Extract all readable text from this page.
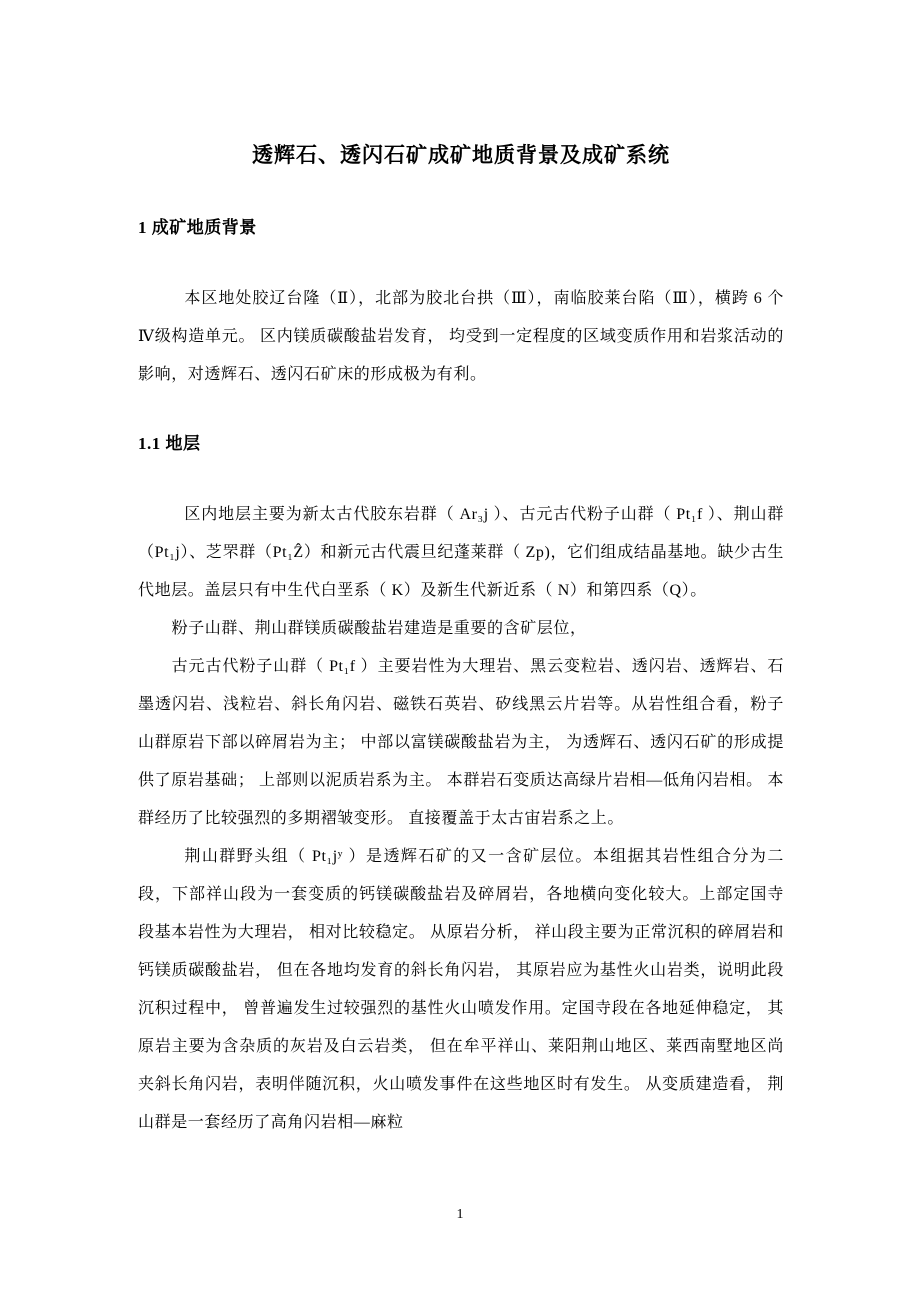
透辉石、透闪石矿成矿地质背景及成矿系统
1 成矿地质背景

本区地处胶辽台隆（Ⅱ），北部为胶北台拱（Ⅲ），南临胶莱台陷（Ⅲ），横跨 6 个Ⅳ级构造单元。 区内镁质碳酸盐岩发育， 均受到一定程度的区域变质作用和岩浆活动的影响，对透辉石、透闪石矿床的形成极为有利。

1.1 地层

区内地层主要为新太古代胶东岩群（ Ar₃j ）、古元古代粉子山群（ Pt₁f ）、荆山群（Pt₁j）、芝罘群（Pt₁Ẑ）和新元古代震旦纪蓬莱群（ Zp)，它们组成结晶基地。缺少古生代地层。盖层只有中生代白垩系（ K）及新生代新近系（ N）和第四系（Q）。

粉子山群、荆山群镁质碳酸盐岩建造是重要的含矿层位，

古元古代粉子山群（ Pt₁f ）主要岩性为大理岩、黑云变粒岩、透闪岩、透辉岩、石墨透闪岩、浅粒岩、斜长角闪岩、磁铁石英岩、矽线黑云片岩等。从岩性组合看，粉子山群原岩下部以碎屑岩为主； 中部以富镁碳酸盐岩为主， 为透辉石、透闪石矿的形成提供了原岩基础； 上部则以泥质岩系为主。 本群岩石变质达高绿片岩相—低角闪岩相。 本群经历了比较强烈的多期褶皱变形。 直接覆盖于太古宙岩系之上。

荆山群野头组（ Pt₁jʸ ）是透辉石矿的又一含矿层位。本组据其岩性组合分为二段，下部祥山段为一套变质的钙镁碳酸盐岩及碎屑岩，各地横向变化较大。上部定国寺段基本岩性为大理岩， 相对比较稳定。 从原岩分析， 祥山段主要为正常沉积的碎屑岩和钙镁质碳酸盐岩， 但在各地均发育的斜长角闪岩， 其原岩应为基性火山岩类，说明此段沉积过程中， 曾普遍发生过较强烈的基性火山喷发作用。定国寺段在各地延伸稳定， 其原岩主要为含杂质的灰岩及白云岩类， 但在牟平祥山、莱阳荆山地区、莱西南墅地区尚夹斜长角闪岩，表明伴随沉积，火山喷发事件在这些地区时有发生。 从变质建造看， 荆山群是一套经历了高角闪岩相—麻粒

1
